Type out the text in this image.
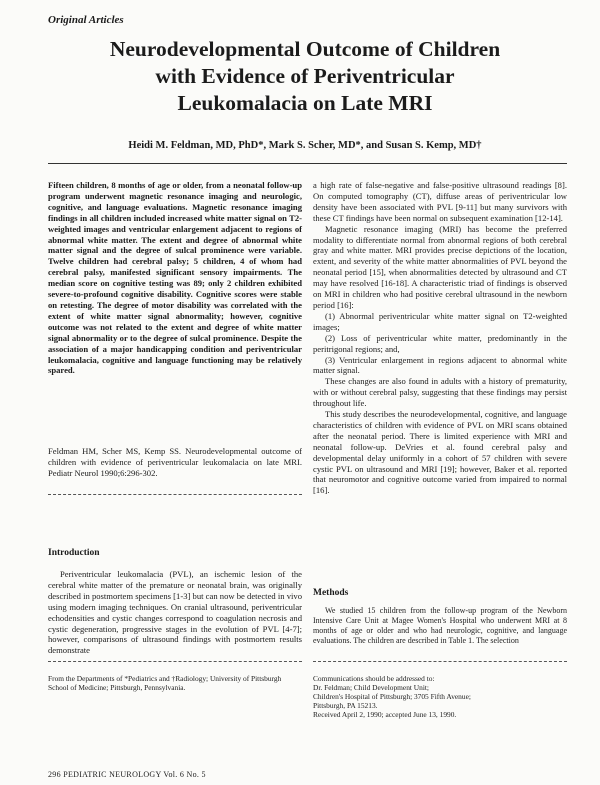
Original Articles
Neurodevelopmental Outcome of Children
with Evidence of Periventricular
Leukomalacia on Late MRI
Heidi M. Feldman, MD, PhD*, Mark S. Scher, MD*, and Susan S. Kemp, MD†
Fifteen children, 8 months of age or older, from a neonatal follow-up program underwent magnetic resonance imaging and neurologic, cognitive, and language evaluations. Magnetic resonance imaging findings in all children included increased white matter signal on T2-weighted images and ventricular enlargement adjacent to regions of abnormal white matter. The extent and degree of abnormal white matter signal and the degree of sulcal prominence were variable. Twelve children had cerebral palsy; 5 children, 4 of whom had cerebral palsy, manifested significant sensory impairments. The median score on cognitive testing was 89; only 2 children exhibited severe-to-profound cognitive disability. Cognitive scores were stable on retesting. The degree of motor disability was correlated with the extent of white matter signal abnormality; however, cognitive outcome was not related to the extent and degree of white matter signal abnormality or to the degree of sulcal prominence. Despite the association of a major handicapping condition and periventricular leukomalacia, cognitive and language functioning may be relatively spared.
Feldman HM, Scher MS, Kemp SS. Neurodevelopmental outcome of children with evidence of periventricular leukomalacia on late MRI. Pediatr Neurol 1990;6:296-302.
Introduction

Periventricular leukomalacia (PVL), an ischemic lesion of the cerebral white matter of the premature or neonatal brain, was originally described in postmortem specimens [1-3] but can now be detected in vivo using modern imaging techniques. On cranial ultrasound, periventricular echodensities and cystic changes correspond to coagulation necrosis and cystic degeneration, progressive stages in the evolution of PVL [4-7]; however, comparisons of ultrasound findings with postmortem results demonstrate

From the Departments of *Pediatrics and †Radiology; University of Pittsburgh School of Medicine; Pittsburgh, Pennsylvania.

a high rate of false-negative and false-positive ultrasound readings [8]. On computed tomography (CT), diffuse areas of periventricular low density have been associated with PVL [9-11] but many survivors with these CT findings have been normal on subsequent examination [12-14].

Magnetic resonance imaging (MRI) has become the preferred modality to differentiate normal from abnormal regions of both cerebral gray and white matter. MRI provides precise depictions of the location, extent, and severity of the white matter abnormalities of PVL beyond the neonatal period [15], when abnormalities detected by ultrasound and CT may have resolved [16-18]. A characteristic triad of findings is observed on MRI in children who had positive cerebral ultrasound in the newborn period [16]:

(1) Abnormal periventricular white matter signal on T2-weighted images;

(2) Loss of periventricular white matter, predominantly in the peritrigonal regions; and,

(3) Ventricular enlargement in regions adjacent to abnormal white matter signal.

These changes are also found in adults with a history of prematurity, with or without cerebral palsy, suggesting that these findings may persist throughout life.

This study describes the neurodevelopmental, cognitive, and language characteristics of children with evidence of PVL on MRI scans obtained after the neonatal period. There is limited experience with MRI and neonatal follow-up. DeVries et al. found cerebral palsy and developmental delay uniformly in a cohort of 57 children with severe cystic PVL on ultrasound and MRI [19]; however, Baker et al. reported that neuromotor and cognitive outcome varied from impaired to normal [16].

Methods

We studied 15 children from the follow-up program of the Newborn Intensive Care Unit at Magee Women's Hospital who underwent MRI at 8 months of age or older and who had neurologic, cognitive, and language evaluations. The children are described in Table 1. The selection

Communications should be addressed to:
Dr. Feldman; Child Development Unit;
Children's Hospital of Pittsburgh; 3705 Fifth Avenue;
Pittsburgh, PA 15213.
Received April 2, 1990; accepted June 13, 1990.
296 PEDIATRIC NEUROLOGY Vol. 6 No. 5
